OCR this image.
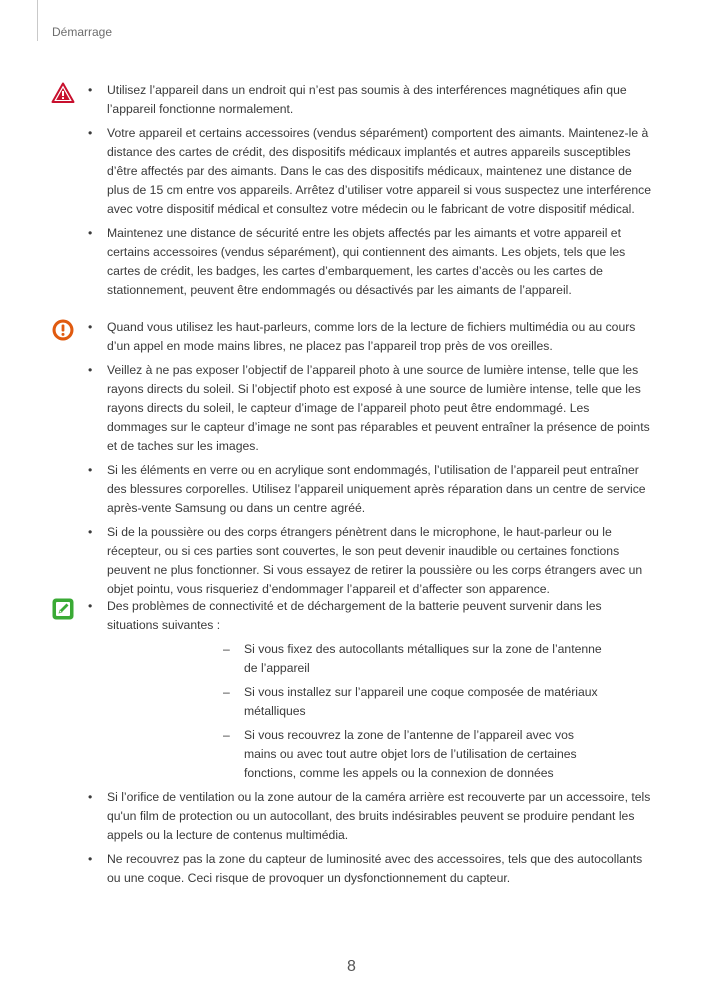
Démarrage
• Utilisez l’appareil dans un endroit qui n’est pas soumis à des interférences magnétiques afin que l’appareil fonctionne normalement.
• Votre appareil et certains accessoires (vendus séparément) comportent des aimants. Maintenez-le à distance des cartes de crédit, des dispositifs médicaux implantés et autres appareils susceptibles d’être affectés par des aimants. Dans le cas des dispositifs médicaux, maintenez une distance de plus de 15 cm entre vos appareils. Arrêtez d’utiliser votre appareil si vous suspectez une interférence avec votre dispositif médical et consultez votre médecin ou le fabricant de votre dispositif médical.
• Maintenez une distance de sécurité entre les objets affectés par les aimants et votre appareil et certains accessoires (vendus séparément), qui contiennent des aimants. Les objets, tels que les cartes de crédit, les badges, les cartes d’embarquement, les cartes d’accès ou les cartes de stationnement, peuvent être endommagés ou désactivés par les aimants de l’appareil.
• Quand vous utilisez les haut-parleurs, comme lors de la lecture de fichiers multimédia ou au cours d’un appel en mode mains libres, ne placez pas l’appareil trop près de vos oreilles.
• Veillez à ne pas exposer l’objectif de l’appareil photo à une source de lumière intense, telle que les rayons directs du soleil. Si l’objectif photo est exposé à une source de lumière intense, telle que les rayons directs du soleil, le capteur d’image de l’appareil photo peut être endommagé. Les dommages sur le capteur d’image ne sont pas réparables et peuvent entraîner la présence de points et de taches sur les images.
• Si les éléments en verre ou en acrylique sont endommagés, l’utilisation de l’appareil peut entraîner des blessures corporelles. Utilisez l’appareil uniquement après réparation dans un centre de service après-vente Samsung ou dans un centre agréé.
• Si de la poussière ou des corps étrangers pénètrent dans le microphone, le haut-parleur ou le récepteur, ou si ces parties sont couvertes, le son peut devenir inaudible ou certaines fonctions peuvent ne plus fonctionner. Si vous essayez de retirer la poussière ou les corps étrangers avec un objet pointu, vous risqueriez d’endommager l’appareil et d’affecter son apparence.
• Des problèmes de connectivité et de déchargement de la batterie peuvent survenir dans les situations suivantes :
– Si vous fixez des autocollants métalliques sur la zone de l’antenne de l’appareil
– Si vous installez sur l’appareil une coque composée de matériaux métalliques
– Si vous recouvrez la zone de l’antenne de l’appareil avec vos mains ou avec tout autre objet lors de l’utilisation de certaines fonctions, comme les appels ou la connexion de données
• Si l’orifice de ventilation ou la zone autour de la caméra arrière est recouverte par un accessoire, tels qu'un film de protection ou un autocollant, des bruits indésirables peuvent se produire pendant les appels ou la lecture de contenus multimédia.
• Ne recouvrez pas la zone du capteur de luminosité avec des accessoires, tels que des autocollants ou une coque. Ceci risque de provoquer un dysfonctionnement du capteur.
8
